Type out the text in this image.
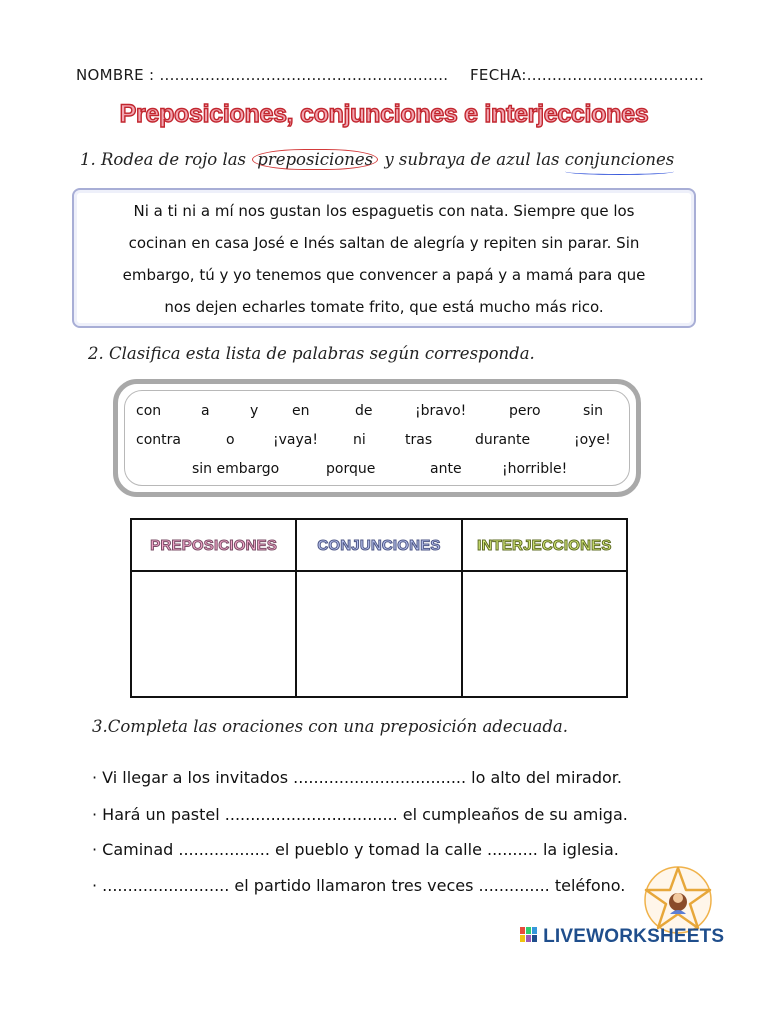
NOMBRE : ......................................................... FECHA:...................................
Preposiciones, conjunciones e interjecciones
1. Rodea de rojo las preposiciones y subraya de azul las conjunciones
Ni a ti ni a mí nos gustan los espaguetis con nata. Siempre que los
cocinan en casa José e Inés saltan de alegría y repiten sin parar. Sin
embargo, tú y yo tenemos que convencer a papá y a mamá para que
nos dejen echarles tomate frito, que está mucho más rico.
2. Clasifica esta lista de palabras según corresponda.
con	a	y en	de	¡bravo!	pero	sin
contra	o	¡vaya!	ni	tras	durante	¡oye!
sin embargo	porque	ante	¡horrible!
PREPOSICIONES	CONJUNCIONES	INTERJECCIONES

3.Completa las oraciones con una preposición adecuada.
· Vi llegar a los invitados .................................. lo alto del mirador.
· Hará un pastel .................................. el cumpleaños de su amiga.
· Caminad .................. el pueblo y tomad la calle .......... la iglesia.
· ......................... el partido llamaron tres veces .............. teléfono.
LIVEWORKSHEETS
